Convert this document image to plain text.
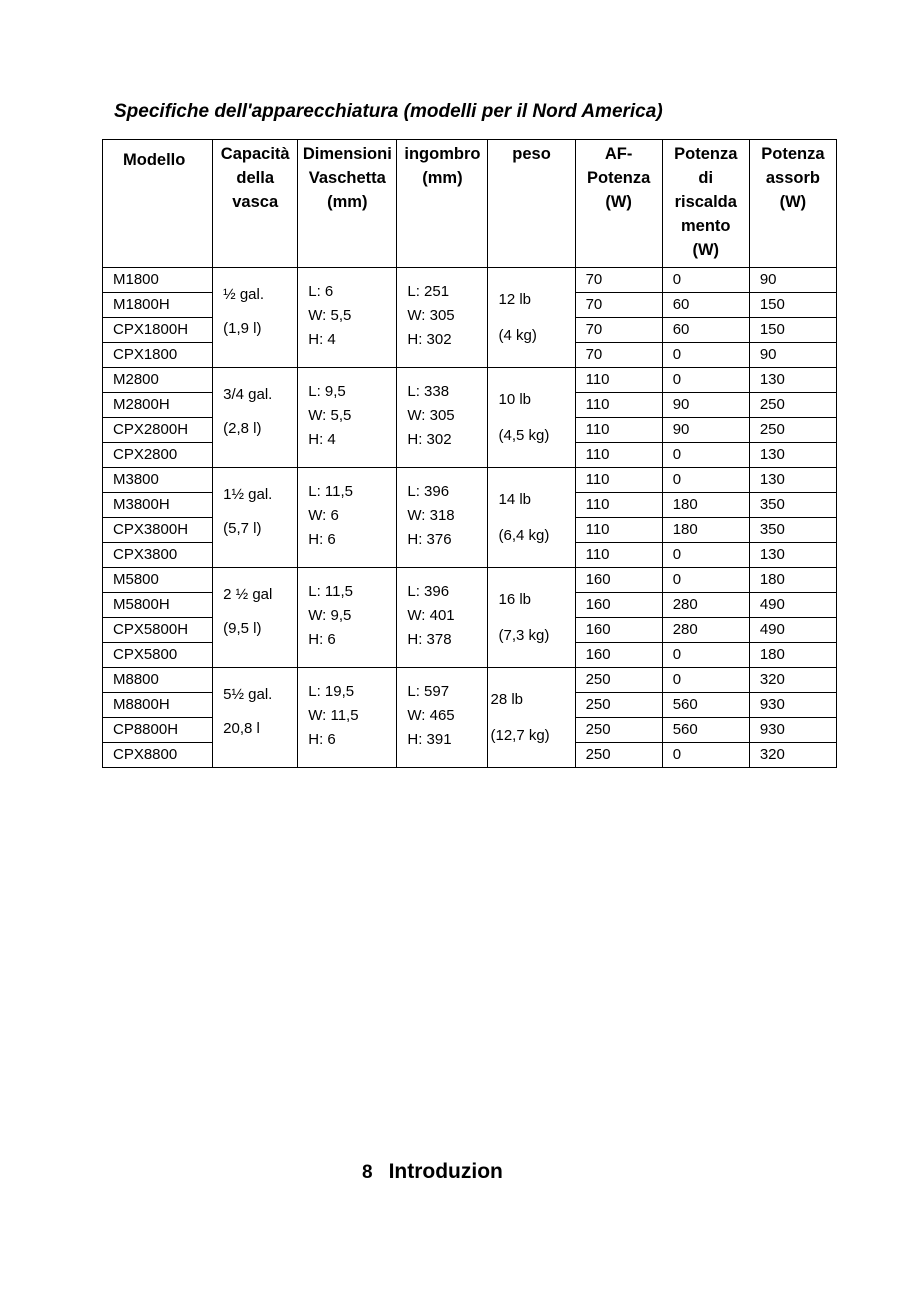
Specifiche dell'apparecchiatura (modelli per il Nord America)
Modello	Capacità
della
vasca	Dimensioni
Vaschetta
(mm)	ingombro
(mm)	peso	AF-
Potenza
(W)	Potenza
di
riscalda
mento
(W)	Potenza
assorb
(W)

M1800	½ gal.
(1,9 l)	L: 6
W: 5,5
H: 4	L: 251
W: 305
H: 302	12 lb
(4 kg)	70	0	90
M1800H					70	60	150
CPX1800H					70	60	150
CPX1800					70	0	90
M2800	3/4 gal.
(2,8 l)	L: 9,5
W: 5,5
H: 4	L: 338
W: 305
H: 302	10 lb
(4,5 kg)	110	0	130
M2800H					110	90	250
CPX2800H					110	90	250
CPX2800					110	0	130
M3800	1½ gal.
(5,7 l)	L: 11,5
W: 6
H: 6	L: 396
W: 318
H: 376	14 lb
(6,4 kg)	110	0	130
M3800H					110	180	350
CPX3800H					110	180	350
CPX3800					110	0	130
M5800	2 ½ gal
(9,5 l)	L: 11,5
W: 9,5
H: 6	L: 396
W: 401
H: 378	16 lb
(7,3 kg)	160	0	180
M5800H					160	280	490
CPX5800H					160	280	490
CPX5800					160	0	180
M8800	5½ gal.
20,8 l	L: 19,5
W: 11,5
H: 6	L: 597
W: 465
H: 391	28 lb
(12,7 kg)	250	0	320
M8800H					250	560	930
CP8800H					250	560	930
CPX8800					250	0	320
8 Introduzion
